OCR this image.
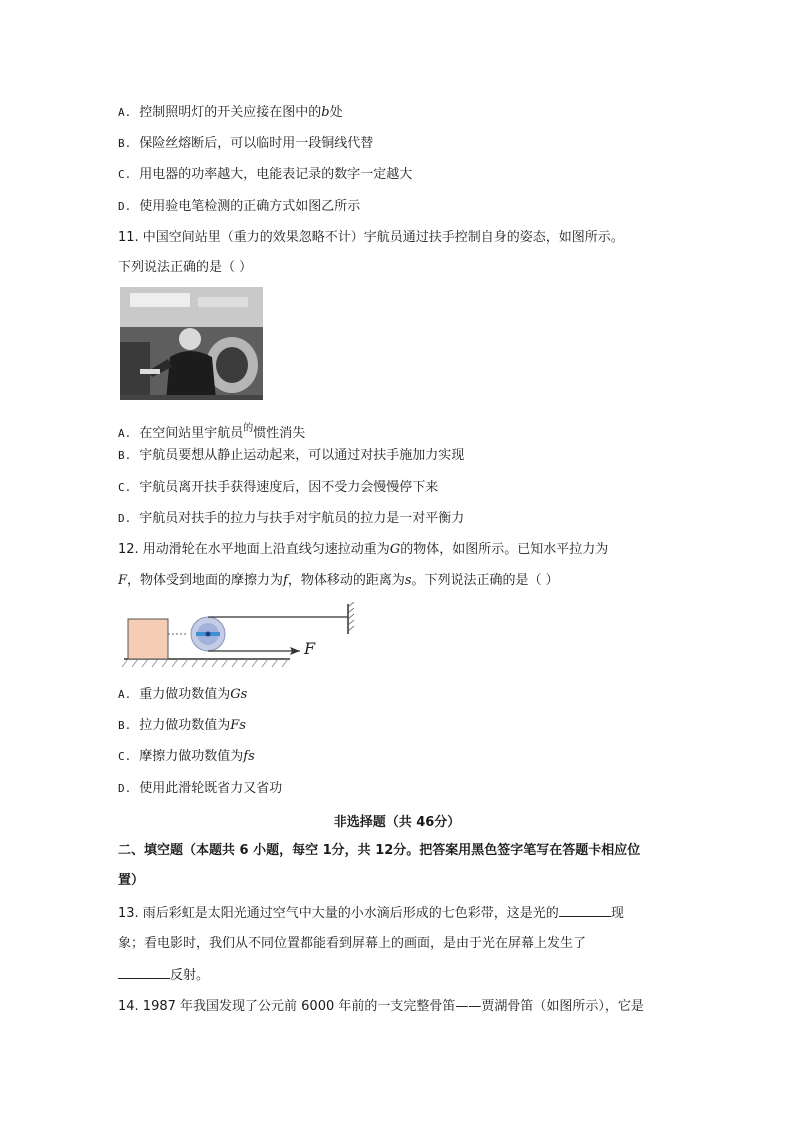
A. 控制照明灯的开关应接在图中的b处
B. 保险丝熔断后，可以临时用一段铜线代替
C. 用电器的功率越大，电能表记录的数字一定越大
D. 使用验电笔检测的正确方式如图乙所示
11. 中国空间站里（重力的效果忽略不计）宇航员通过扶手控制自身的姿态，如图所示。
下列说法正确的是（ ）
A. 在空间站里宇航员$^的$惯性消失
B. 宇航员要想从静止运动起来，可以通过对扶手施加力实现
C. 宇航员离开扶手获得速度后，因不受力会慢慢停下来
D. 宇航员对扶手的拉力与扶手对宇航员的拉力是一对平衡力
12. 用动滑轮在水平地面上沿直线匀速拉动重为G的物体，如图所示。已知水平拉力为
F，物体受到地面的摩擦力为f，物体移动的距离为s。下列说法正确的是（ ）
F
A. 重力做功数值为Gs
B. 拉力做功数值为Fs
C. 摩擦力做功数值为fs
D. 使用此滑轮既省力又省功
非选择题（共 46分）
二、填空题（本题共 6 小题，每空 1分，共 12分。把答案用黑色签字笔写在答题卡相应位
置）
13. 雨后彩虹是太阳光通过空气中大量的小水滴后形成的七色彩带，这是光的	现
象；看电影时，我们从不同位置都能看到屏幕上的画面，是由于光在屏幕上发生了
反射。
14. 1987 年我国发现了公元前 6000 年前的一支完整骨笛——贾湖骨笛（如图所示），它是
